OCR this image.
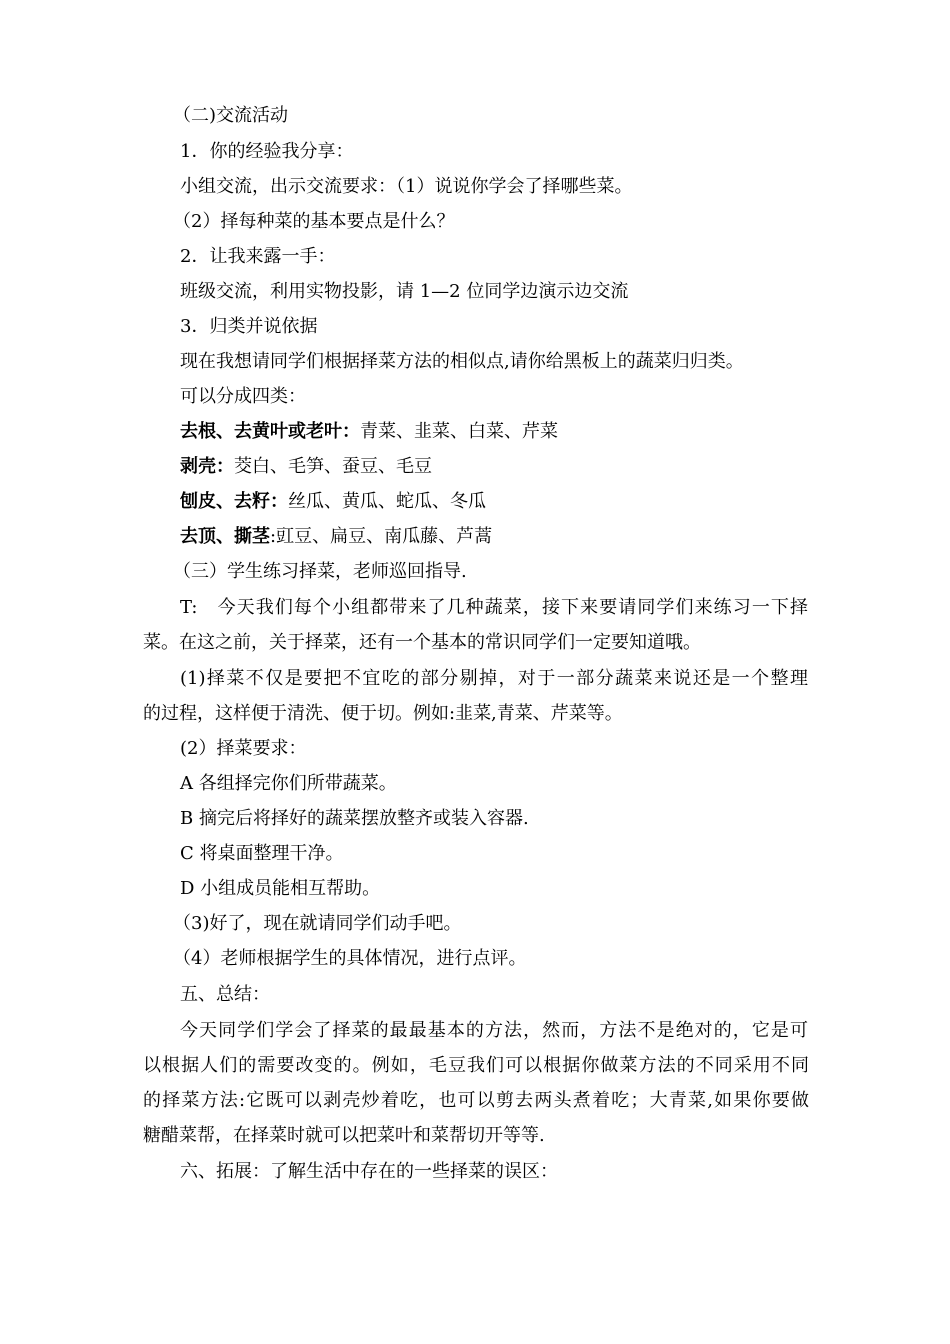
（二)交流活动
1．你的经验我分享：
小组交流，出示交流要求：（1）说说你学会了择哪些菜。
（2）择每种菜的基本要点是什么？
2．让我来露一手：
班级交流，利用实物投影，请 1—2 位同学边演示边交流
3．归类并说依据
现在我想请同学们根据择菜方法的相似点,请你给黑板上的蔬菜归归类。
可以分成四类：
去根、去黄叶或老叶：青菜、韭菜、白菜、芹菜
剥壳：茭白、毛笋、蚕豆、毛豆
刨皮、去籽：丝瓜、黄瓜、蛇瓜、冬瓜
去顶、撕茎:豇豆、扁豆、南瓜藤、芦蒿
（三）学生练习择菜，老师巡回指导.
T:　今天我们每个小组都带来了几种蔬菜，接下来要请同学们来练习一下择
菜。在这之前，关于择菜，还有一个基本的常识同学们一定要知道哦。
(1)择菜不仅是要把不宜吃的部分剔掉，对于一部分蔬菜来说还是一个整理
的过程，这样便于清洗、便于切。例如:韭菜,青菜、芹菜等。
(2）择菜要求：
A 各组择完你们所带蔬菜。
B 摘完后将择好的蔬菜摆放整齐或装入容器.
C 将桌面整理干净。
D 小组成员能相互帮助。
（3)好了，现在就请同学们动手吧。
（4）老师根据学生的具体情况，进行点评。
五、总结：
今天同学们学会了择菜的最最基本的方法，然而，方法不是绝对的，它是可
以根据人们的需要改变的。例如，毛豆我们可以根据你做菜方法的不同采用不同
的择菜方法:它既可以剥壳炒着吃，也可以剪去两头煮着吃；大青菜,如果你要做
糖醋菜帮，在择菜时就可以把菜叶和菜帮切开等等.
六、拓展：了解生活中存在的一些择菜的误区：
